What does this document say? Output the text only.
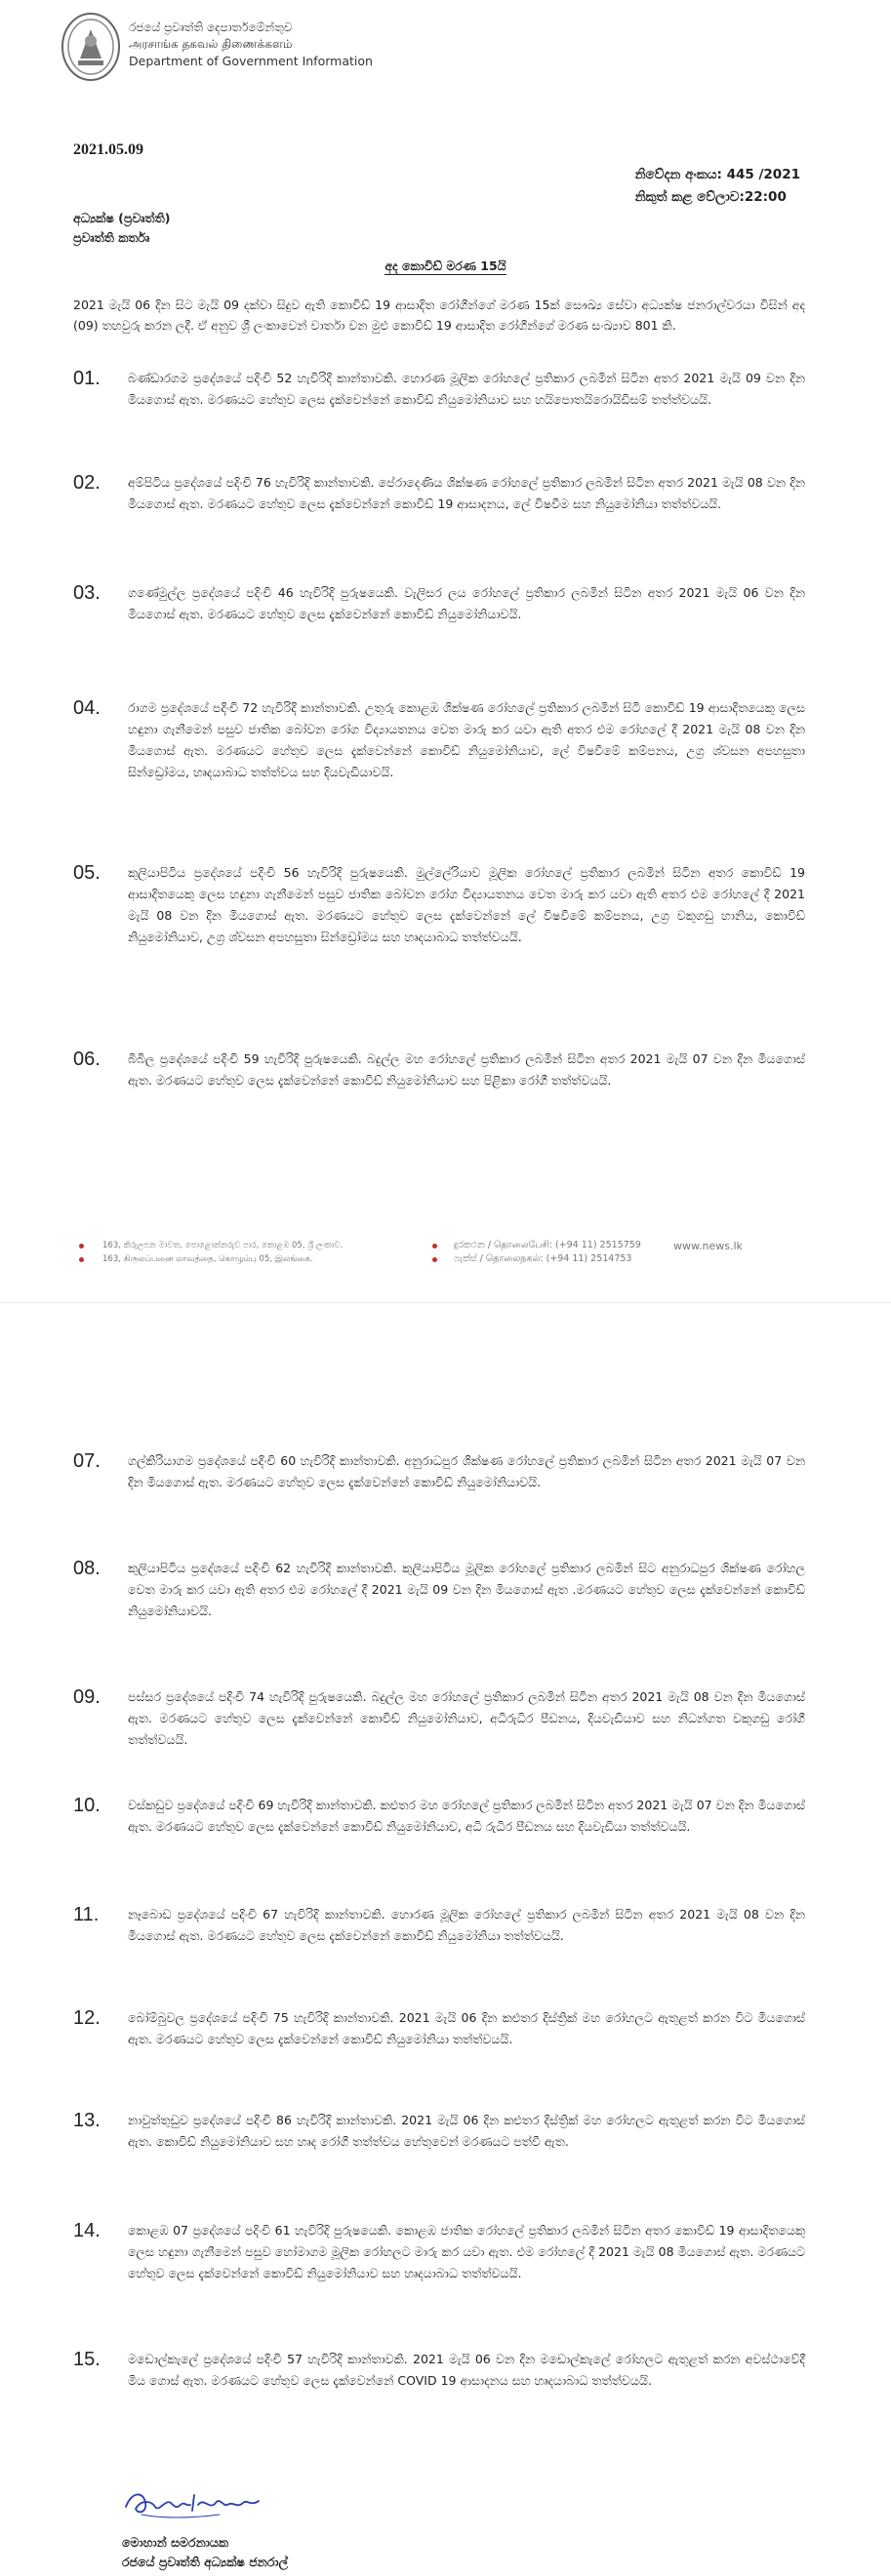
රජයේ ප්‍රවෘත්ති දෙපාර්තමේන්තුව
அரசாங்க தகவல் திணைக்களம்
Department of Government Information
2021.05.09
නිවේදන අංකය: 445 /2021
නිකුත් කළ වේලාව:22:00
අධ්‍යක්ෂ (ප්‍රවෘත්ති)
ප්‍රවෘත්ති කර්තෘ
අද කොවිඩ් මරණ 15යි
2021 මැයි 06 දින සිට මැයි 09 දක්වා සිදුව ඇති කොවිඩ් 19 ආසාදිත රෝගීන්ගේ මරණ 15ක් සෞඛ්‍ය සේවා අධ්‍යක්ෂ ජනරාල්වරයා විසින් අද (09) තහවුරු කරන ලදී. ඒ අනුව ශ්‍රී ලංකාවෙන් වාර්තා වන මුළු කොවිඩ් 19 ආසාදිත රෝගීන්ගේ මරණ සංඛ්‍යාව 801 කි.
01. බණ්ඩාරගම ප්‍රදේශයේ පදිංචි 52 හැවිරිදි කාන්තාවකි. හොරණ මූලික රෝහලේ ප්‍රතිකාර ලබමින් සිටින අතර 2021 මැයි 09 වන දින මියගොස් ඇත. මරණයට හේතුව ලෙස දැක්වෙන්නේ කොවිඩ් නියුමෝනියාව සහ හයිපොතයිරොයිඩිසම් තත්ත්වයයි.
02. අම්පිටිය ප්‍රදේශයේ පදිංචි 76 හැවිරිදි කාන්තාවකි. පේරාදෙණිය ශික්ෂණ රෝහලේ ප්‍රතිකාර ලබමින් සිටින අතර 2021 මැයි 08 වන දින මියගොස් ඇත. මරණයට හේතුව ලෙස දැක්වෙන්නේ කොවිඩ් 19 ආසාදනය, ලේ විෂවීම සහ නියුමෝනියා තත්ත්වයයි.
03. ගණේමුල්ල ප්‍රදේශයේ පදිංචි 46 හැවිරිදි පුරුෂයෙකි. වැලිසර ලය රෝහලේ ප්‍රතිකාර ලබමින් සිටින අතර 2021 මැයි 06 වන දින මියගොස් ඇත. මරණයට හේතුව ලෙස දැක්වෙන්නේ කොවිඩ් නියුමෝනියාවයි.
04. රාගම ප්‍රදේශයේ පදිංචි 72 හැවිරිදි කාන්තාවකි. උතුරු කොළඹ ශික්ෂණ රෝහලේ ප්‍රතිකාර ලබමින් සිටි කොවිඩ් 19 ආසාදිතයෙකු ලෙස හඳුනා ගැනීමෙන් පසුව ජාතික බෝවන රෝග විද්‍යායතනය වෙත මාරු කර යවා ඇති අතර එම රෝහලේ දී 2021 මැයි 08 වන දින මියගොස් ඇත. මරණයට හේතුව ලෙස දැක්වෙන්නේ කොවිඩ් නියුමෝනියාව, ලේ විෂවීමේ කම්පනය, උග්‍ර ශ්වසන අපහසුතා සින්ඩ්‍රෝමය, හෘදයාබාධ තත්ත්වය සහ දියවැඩියාවයි.
05. කුලියාපිටිය ප්‍රදේශයේ පදිංචි 56 හැවිරිදි පුරුෂයෙකි. මුල්ලේරියාව මූලික රෝහලේ ප්‍රතිකාර ලබමින් සිටින අතර කොවිඩ් 19 ආසාදිතයෙකු ලෙස හඳුනා ගැනීමෙන් පසුව ජාතික බෝවන රෝග විද්‍යායතනය වෙත මාරු කර යවා ඇති අතර එම රෝහලේ දී 2021 මැයි 08 වන දින මියගොස් ඇත. මරණයට හේතුව ලෙස දැක්වෙන්නේ ලේ විෂවීමේ කම්පනය, උග්‍ර වකුගඩු හානිය, කොවිඩ් නියුමෝනියාව, උග්‍ර ශ්වසන අපහසුතා සින්ඩ්‍රෝමය සහ හෘදයාබාධ තත්ත්වයයි.
06. බිබිල ප්‍රදේශයේ පදිංචි 59 හැවිරිදි පුරුෂයෙකි. බදුල්ල මහ රෝහලේ ප්‍රතිකාර ලබමින් සිටින අතර 2021 මැයි 07 වන දින මියගොස් ඇත. මරණයට හේතුව ලෙස දැක්වෙන්නේ කොවිඩ් නියුමෝනියාව සහ පිළිකා රෝගී තත්ත්වයයි.
163, කිරුලපන මාවත, පොළොන්නරුව පාර, කොළඹ 05, ශ්‍රී ලංකාව.
163, கிருலப்பனை மாவத்தை, கொழும்பு 05, இலங்கை.
දුරකථන / தொலைபேசி: (+94 11) 2515759
ෆැක්ස් / தொலைநகல்: (+94 11) 2514753
www.news.lk
07. ගල්කිරියාගම ප්‍රදේශයේ පදිංචි 60 හැවිරිදි කාන්තාවකි. අනුරාධපුර ශික්ෂණ රෝහලේ ප්‍රතිකාර ලබමින් සිටින අතර 2021 මැයි 07 වන දින මියගොස් ඇත. මරණයට හේතුව ලෙස දැක්වෙන්නේ කොවිඩ් නියුමෝනියාවයි.
08. කුලියාපිටිය ප්‍රදේශයේ පදිංචි 62 හැවිරිදි කාන්තාවකි. කුලියාපිටිය මූලික රෝහලේ ප්‍රතිකාර ලබමින් සිට අනුරාධපුර ශික්ෂණ රෝහල වෙත මාරු කර යවා ඇති අතර එම රෝහලේ දී 2021 මැයි 09 වන දින මියගොස් ඇත .මරණයට හේතුව ලෙස දැක්වෙන්නේ කොවිඩ් නියුමෝනියාවයි.
09. පස්සර ප්‍රදේශයේ පදිංචි 74 හැවිරිදි පුරුෂයෙකි. බදුල්ල මහ රෝහලේ ප්‍රතිකාර ලබමින් සිටින අතර 2021 මැයි 08 වන දින මියගොස් ඇත. මරණයට හේතුව ලෙස දැක්වෙන්නේ කොවිඩ් නියුමෝනියාව, අධිරුධිර පීඩනය, දියවැඩියාව සහ නිධන්ගත වකුගඩු රෝගී තත්ත්වයයි.
10. වස්කඩුව ප්‍රදේශයේ පදිංචි 69 හැවිරිදි කාන්තාවකි. කළුතර මහ රෝහලේ ප්‍රතිකාර ලබමින් සිටින අතර 2021 මැයි 07 වන දින මියගොස් ඇත. මරණයට හේතුව ලෙස දැක්වෙන්නේ කොවිඩ් නියුමෝනියාව, අධි රුධිර පීඩනය සහ දියවැඩියා තත්ත්වයයි.
11. නෑබොඩ ප්‍රදේශයේ පදිංචි 67 හැවිරිදි කාන්තාවකි. හොරණ මූලික රෝහලේ ප්‍රතිකාර ලබමින් සිටින අතර 2021 මැයි 08 වන දින මියගොස් ඇත. මරණයට හේතුව ලෙස දැක්වෙන්නේ කොවිඩ් නියුමෝනියා තත්ත්වයයි.
12. බෝම්බුවල ප්‍රදේශයේ පදිංචි 75 හැවිරිදි කාන්තාවකි. 2021 මැයි 06 දින කළුතර දිස්ත්‍රික් මහ රෝහලට ඇතුළත් කරන විට මියගොස් ඇත. මරණයට හේතුව ලෙස දැක්වෙන්නේ කොවිඩ් නියුමෝනියා තත්ත්වයයි.
13. නාවුත්තුඩුව ප්‍රදේශයේ පදිංචි 86 හැවිරිදි කාන්තාවකි. 2021 මැයි 06 දින කළුතර දිස්ත්‍රික් මහ රෝහලට ඇතුළත් කරන විට මියගොස් ඇත. කොවිඩ් නියුමෝනියාව සහ හෘද රෝගී තත්ත්වය හේතුවෙන් මරණයට පත්වී ඇත.
14. කොළඹ 07 ප්‍රදේශයේ පදිංචි 61 හැවිරිදි පුරුෂයෙකි. කොළඹ ජාතික රෝහලේ ප්‍රතිකාර ලබමින් සිටින අතර කොවිඩ් 19 ආසාදිතයෙකු ලෙස හඳුනා ගැනීමෙන් පසුව හෝමාගම මූලික රෝහලට මාරු කර යවා ඇත. එම රෝහලේ දී 2021 මැයි 08 මියගොස් ඇත. මරණයට හේතුව ලෙස දැක්වෙන්නේ කොවිඩ් නියුමෝනියාව සහ හෘදයාබාධ තත්ත්වයයි.
15. මඩොල්කැලේ ප්‍රදේශයේ පදිංචි 57 හැවිරිදි කාන්තාවකි. 2021 මැයි 06 වන දින මඩොල්කැලේ රෝහලට ඇතුළත් කරන අවස්ථාවේදී මිය ගොස් ඇත. මරණයට හේතුව ලෙස දැක්වෙන්නේ COVID 19 ආසාදනය සහ හෘදයාබාධ තත්ත්වයයි.
මොහාන් සමරනායක
රජයේ ප්‍රවෘත්ති අධ්‍යක්ෂ ජනරාල්
